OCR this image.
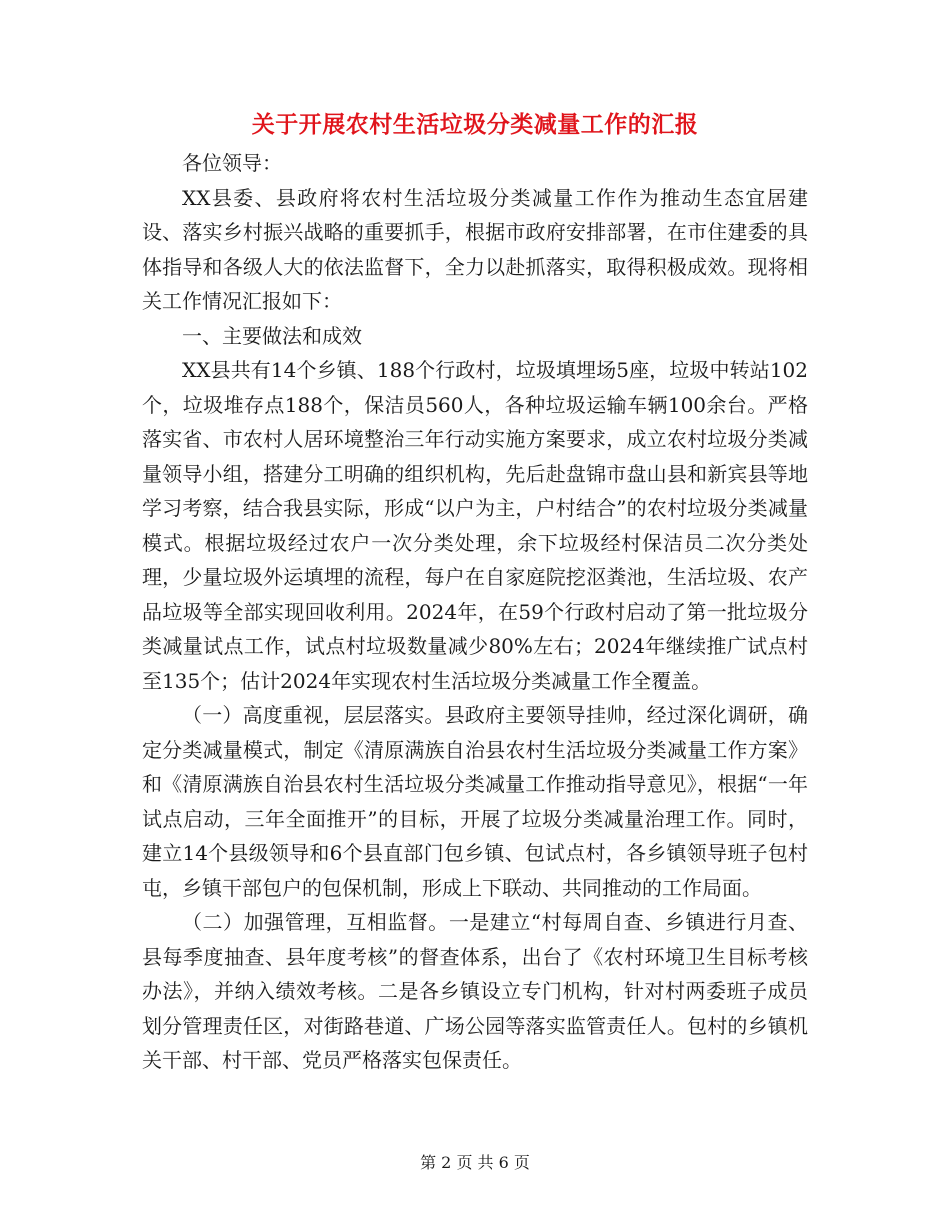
关于开展农村生活垃圾分类减量工作的汇报

各位领导：

XX县委、县政府将农村生活垃圾分类减量工作作为推动生态宜居建设、落实乡村振兴战略的重要抓手，根据市政府安排部署，在市住建委的具体指导和各级人大的依法监督下，全力以赴抓落实，取得积极成效。现将相关工作情况汇报如下：

一、主要做法和成效

XX县共有14个乡镇、188个行政村，垃圾填埋场5座，垃圾中转站102个，垃圾堆存点188个，保洁员560人，各种垃圾运输车辆100余台。严格落实省、市农村人居环境整治三年行动实施方案要求，成立农村垃圾分类减量领导小组，搭建分工明确的组织机构，先后赴盘锦市盘山县和新宾县等地学习考察，结合我县实际，形成“以户为主，户村结合”的农村垃圾分类减量模式。根据垃圾经过农户一次分类处理，余下垃圾经村保洁员二次分类处理，少量垃圾外运填埋的流程，每户在自家庭院挖沤粪池，生活垃圾、农产品垃圾等全部实现回收利用。2024年，在59个行政村启动了第一批垃圾分类减量试点工作，试点村垃圾数量减少80%左右；2024年继续推广试点村至135个；估计2024年实现农村生活垃圾分类减量工作全覆盖。

（一）高度重视，层层落实。县政府主要领导挂帅，经过深化调研，确定分类减量模式，制定《清原满族自治县农村生活垃圾分类减量工作方案》和《清原满族自治县农村生活垃圾分类减量工作推动指导意见》，根据“一年试点启动，三年全面推开”的目标，开展了垃圾分类减量治理工作。同时，建立14个县级领导和6个县直部门包乡镇、包试点村，各乡镇领导班子包村屯，乡镇干部包户的包保机制，形成上下联动、共同推动的工作局面。

（二）加强管理，互相监督。一是建立“村每周自查、乡镇进行月查、县每季度抽查、县年度考核”的督查体系，出台了《农村环境卫生目标考核办法》，并纳入绩效考核。二是各乡镇设立专门机构，针对村两委班子成员划分管理责任区，对街路巷道、广场公园等落实监管责任人。包村的乡镇机关干部、村干部、党员严格落实包保责任。

第 2 页 共 6 页
